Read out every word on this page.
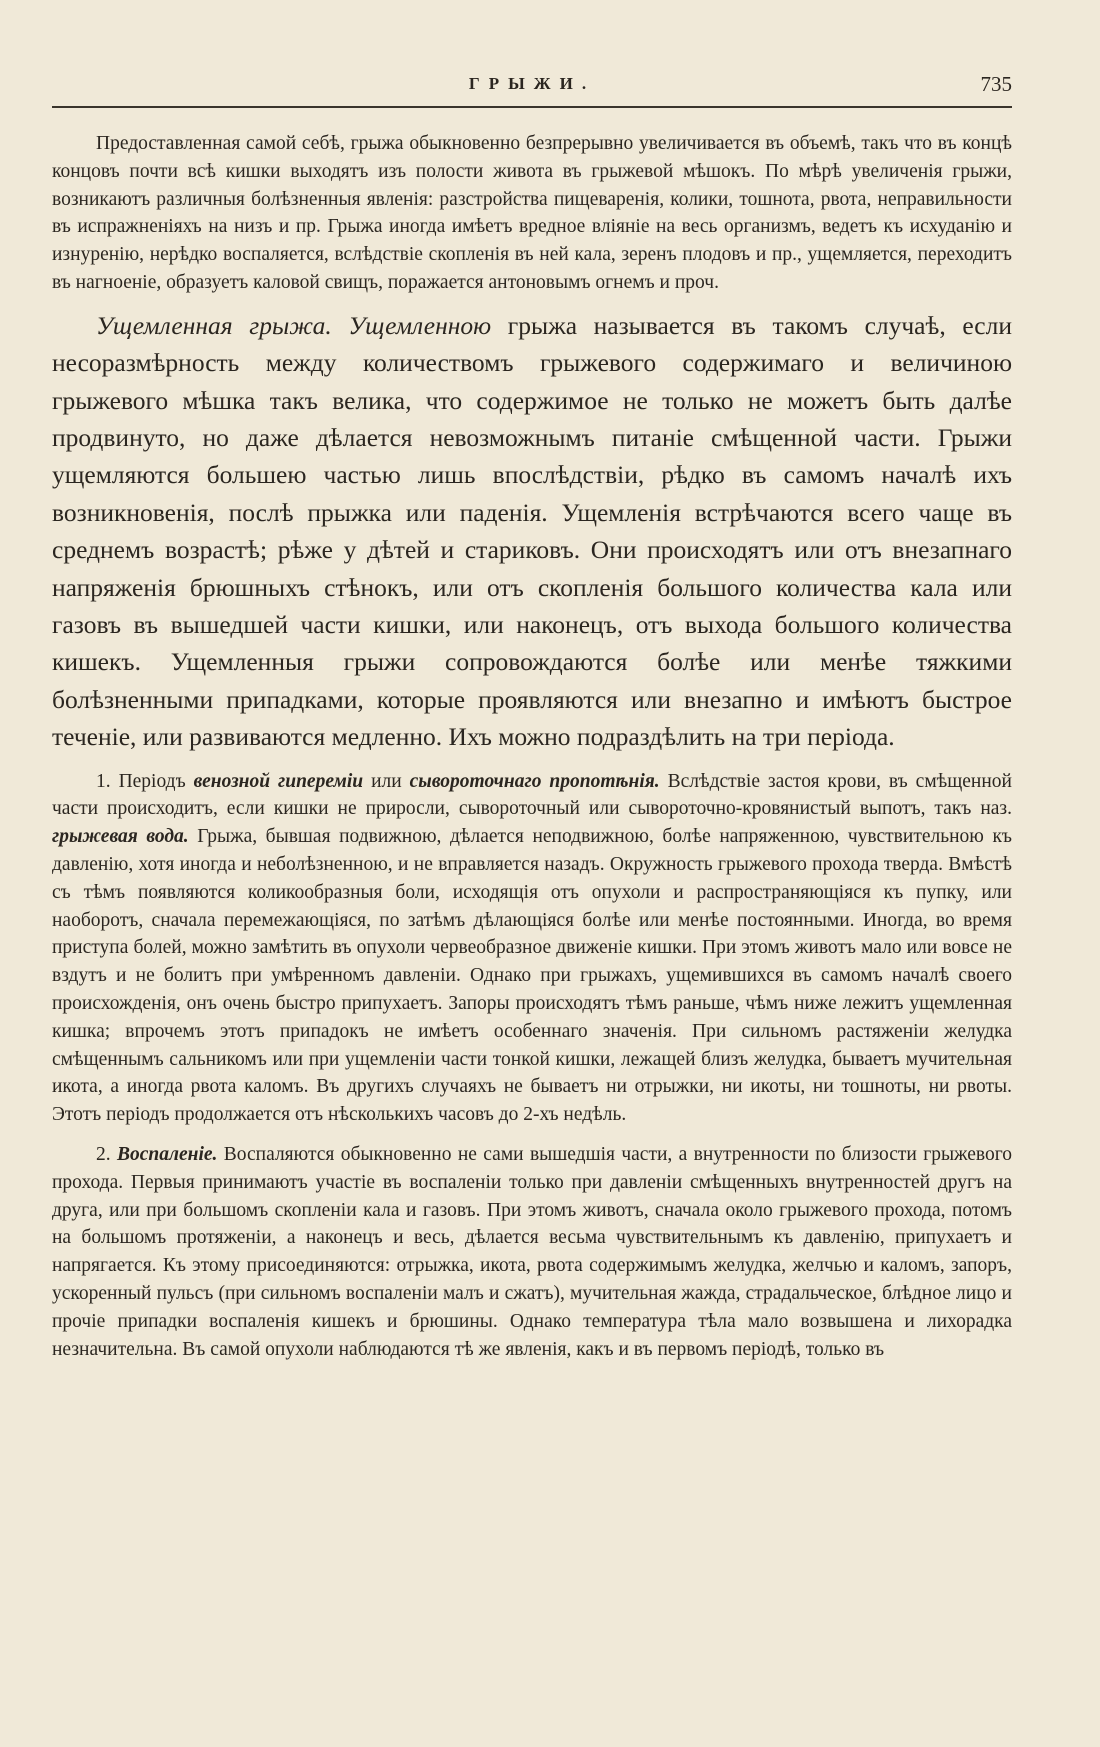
ГРЫЖИ.	735

Предоставленная самой себѣ, грыжа обыкновенно безпрерывно увеличивается въ объемѣ, такъ что въ концѣ концовъ почти всѣ кишки выходятъ изъ полости живота въ грыжевой мѣшокъ. По мѣрѣ увеличенія грыжи, возникаютъ различныя болѣзненныя явленія: разстройства пищеваренія, колики, тошнота, рвота, неправильности въ испражненіяхъ на низъ и пр. Грыжа иногда имѣетъ вредное вліяніе на весь организмъ, ведетъ къ исхуданію и изнуренію, нерѣдко воспаляется, вслѣдствіе скопленія въ ней кала, зеренъ плодовъ и пр., ущемляется, переходитъ въ нагноеніе, образуетъ каловой свищъ, поражается антоновымъ огнемъ и проч.

Ущемленная грыжа. Ущемленною грыжа называется въ такомъ случаѣ, если несоразмѣрность между количествомъ грыжевого содержимаго и величиною грыжевого мѣшка такъ велика, что содержимое не только не можетъ быть далѣе продвинуто, но даже дѣлается невозможнымъ питаніе смѣщенной части. Грыжи ущемляются большею частью лишь впослѣдствіи, рѣдко въ самомъ началѣ ихъ возникновенія, послѣ прыжка или паденія. Ущемленія встрѣчаются всего чаще въ среднемъ возрастѣ; рѣже у дѣтей и стариковъ. Они происходятъ или отъ внезапнаго напряженія брюшныхъ стѣнокъ, или отъ скопленія большого количества кала или газовъ въ вышедшей части кишки, или наконецъ, отъ выхода большого количества кишекъ. Ущемленныя грыжи сопровождаются болѣе или менѣе тяжкими болѣзненными припадками, которые проявляются или внезапно и имѣютъ быстрое теченіе, или развиваются медленно. Ихъ можно подраздѣлить на три періода.

1. Періодъ венозной гиперемiи или сывороточнаго пропотѣнія. Вслѣдствіе застоя крови, въ смѣщенной части происходитъ, если кишки не приросли, сывороточный или сывороточно-кровянистый выпотъ, такъ наз. грыжевая вода. Грыжа, бывшая подвижною, дѣлается неподвижною, болѣе напряженною, чувствительною къ давленію, хотя иногда и неболѣзненною, и не вправляется назадъ. Окружность грыжевого прохода тверда. Вмѣстѣ съ тѣмъ появляются коликообразныя боли, исходящія отъ опухоли и распространяющіяся къ пупку, или наоборотъ, сначала перемежающіяся, по затѣмъ дѣлающіяся болѣе или менѣе постоянными. Иногда, во время приступа болей, можно замѣтить въ опухоли червеобразное движеніе кишки. При этомъ животъ мало или вовсе не вздутъ и не болитъ при умѣренномъ давленіи. Однако при грыжахъ, ущемившихся въ самомъ началѣ своего происхожденія, онъ очень быстро припухаетъ. Запоры происходятъ тѣмъ раньше, чѣмъ ниже лежитъ ущемленная кишка; впрочемъ этотъ припадокъ не имѣетъ особеннаго значенія. При сильномъ растяженіи желудка смѣщеннымъ сальникомъ или при ущемленіи части тонкой кишки, лежащей близъ желудка, бываетъ мучительная икота, а иногда рвота каломъ. Въ другихъ случаяхъ не бываетъ ни отрыжки, ни икоты, ни тошноты, ни рвоты. Этотъ періодъ продолжается отъ нѣсколькихъ часовъ до 2-хъ недѣль.

2. Воспаленіе. Воспаляются обыкновенно не сами вышедшія части, а внутренности по близости грыжевого прохода. Первыя принимаютъ участіе въ воспаленіи только при давленіи смѣщенныхъ внутренностей другъ на друга, или при большомъ скопленіи кала и газовъ. При этомъ животъ, сначала около грыжевого прохода, потомъ на большомъ протяженіи, а наконецъ и весь, дѣлается весьма чувствительнымъ къ давленію, припухаетъ и напрягается. Къ этому присоединяются: отрыжка, икота, рвота содержимымъ желудка, желчью и каломъ, запоръ, ускоренный пульсъ (при сильномъ воспаленіи малъ и сжатъ), мучительная жажда, страдальческое, блѣдное лицо и прочіе припадки воспаленія кишекъ и брюшины. Однако температура тѣла мало возвышена и лихорадка незначительна. Въ самой опухоли наблюдаются тѣ же явленія, какъ и въ первомъ періодѣ, только въ
